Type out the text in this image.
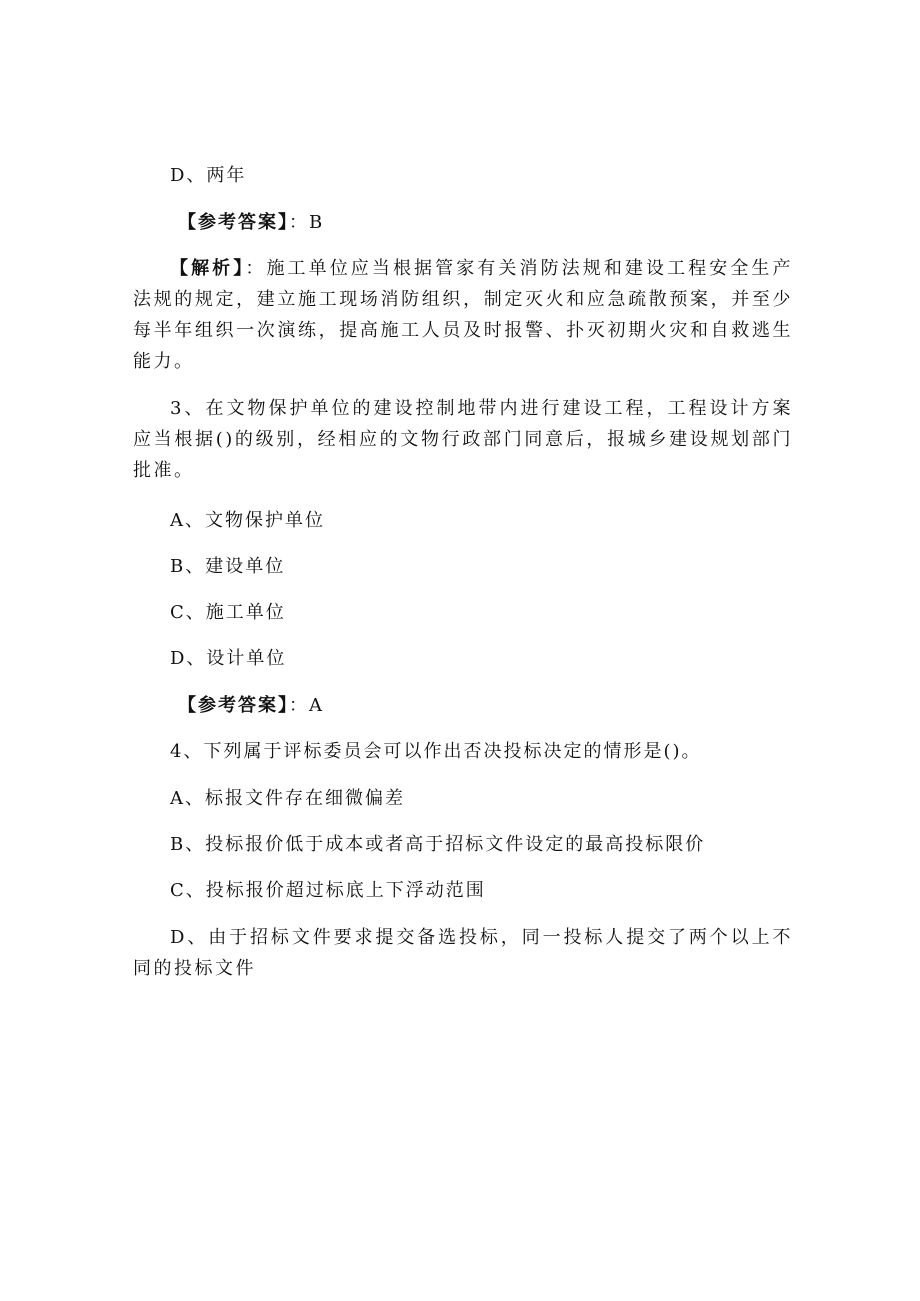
D、两年
【参考答案】：B
【解析】：施工单位应当根据管家有关消防法规和建设工程安全生产法规的规定，建立施工现场消防组织，制定灭火和应急疏散预案，并至少每半年组织一次演练，提高施工人员及时报警、扑灭初期火灾和自救逃生能力。
3、在文物保护单位的建设控制地带内进行建设工程，工程设计方案应当根据()的级别，经相应的文物行政部门同意后，报城乡建设规划部门批准。
A、文物保护单位
B、建设单位
C、施工单位
D、设计单位
【参考答案】：A
4、下列属于评标委员会可以作出否决投标决定的情形是()。
A、标报文件存在细微偏差
B、投标报价低于成本或者高于招标文件设定的最高投标限价
C、投标报价超过标底上下浮动范围
D、由于招标文件要求提交备选投标，同一投标人提交了两个以上不同的投标文件
